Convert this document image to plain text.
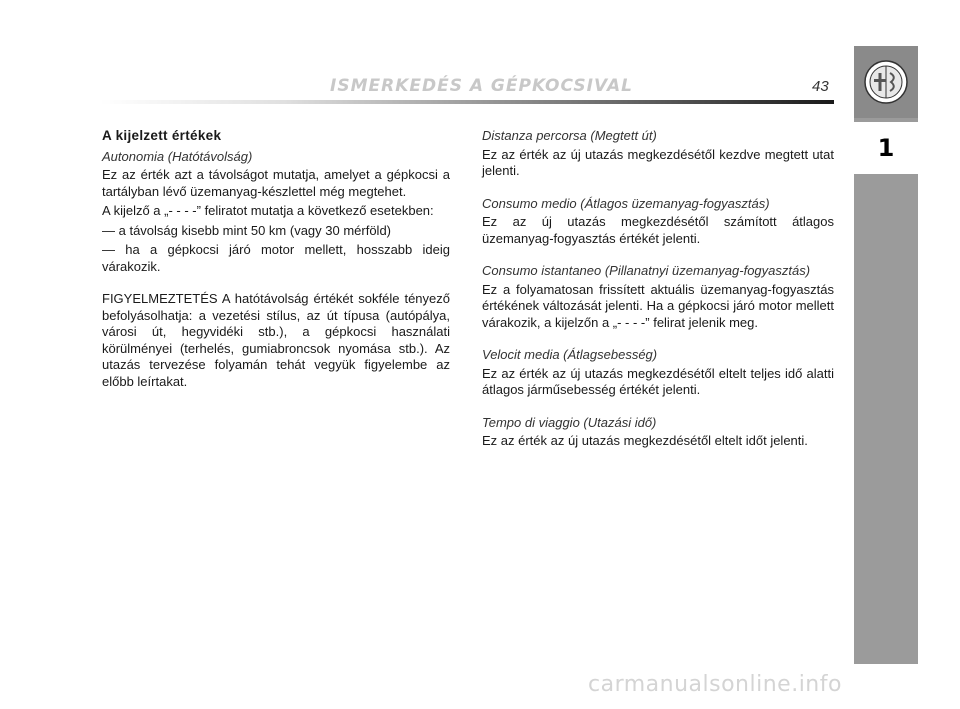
ISMERKEDÉS A GÉPKOCSIVAL	43
1

A kijelzett értékek

Autonomia (Hatótávolság)

Ez az érték azt a távolságot mutatja, amelyet a gépkocsi a tartályban lévő üzemanyag-készlettel még megtehet.

A kijelző a „- - - -” feliratot mutatja a következő esetekben:

— a távolság kisebb mint 50 km (vagy 30 mérföld)

— ha a gépkocsi járó motor mellett, hosszabb ideig várakozik.

FIGYELMEZTETÉS A hatótávolság értékét sokféle tényező befolyásolhatja: a vezetési stílus, az út típusa (autópálya, városi út, hegyvidéki stb.), a gépkocsi használati körülményei (terhelés, gumiabroncsok nyomása stb.). Az utazás tervezése folyamán tehát vegyük figyelembe az előbb leírtakat.

Distanza percorsa (Megtett út)

Ez az érték az új utazás megkezdésétől kezdve megtett utat jelenti.

Consumo medio (Átlagos üzemanyag-fogyasztás)

Ez az új utazás megkezdésétől számított átlagos üzemanyag-fogyasztás értékét jelenti.

Consumo istantaneo (Pillanatnyi üzemanyag-fogyasztás)

Ez a folyamatosan frissített aktuális üzemanyag-fogyasztás értékének változását jelenti. Ha a gépkocsi járó motor mellett várakozik, a kijelzőn a „- - - -” felirat jelenik meg.

Velocit media (Átlagsebesség)

Ez az érték az új utazás megkezdésétől eltelt teljes idő alatti átlagos járműsebesség értékét jelenti.

Tempo di viaggio (Utazási idő)

Ez az érték az új utazás megkezdésétől eltelt időt jelenti.

carmanualsonline.info
